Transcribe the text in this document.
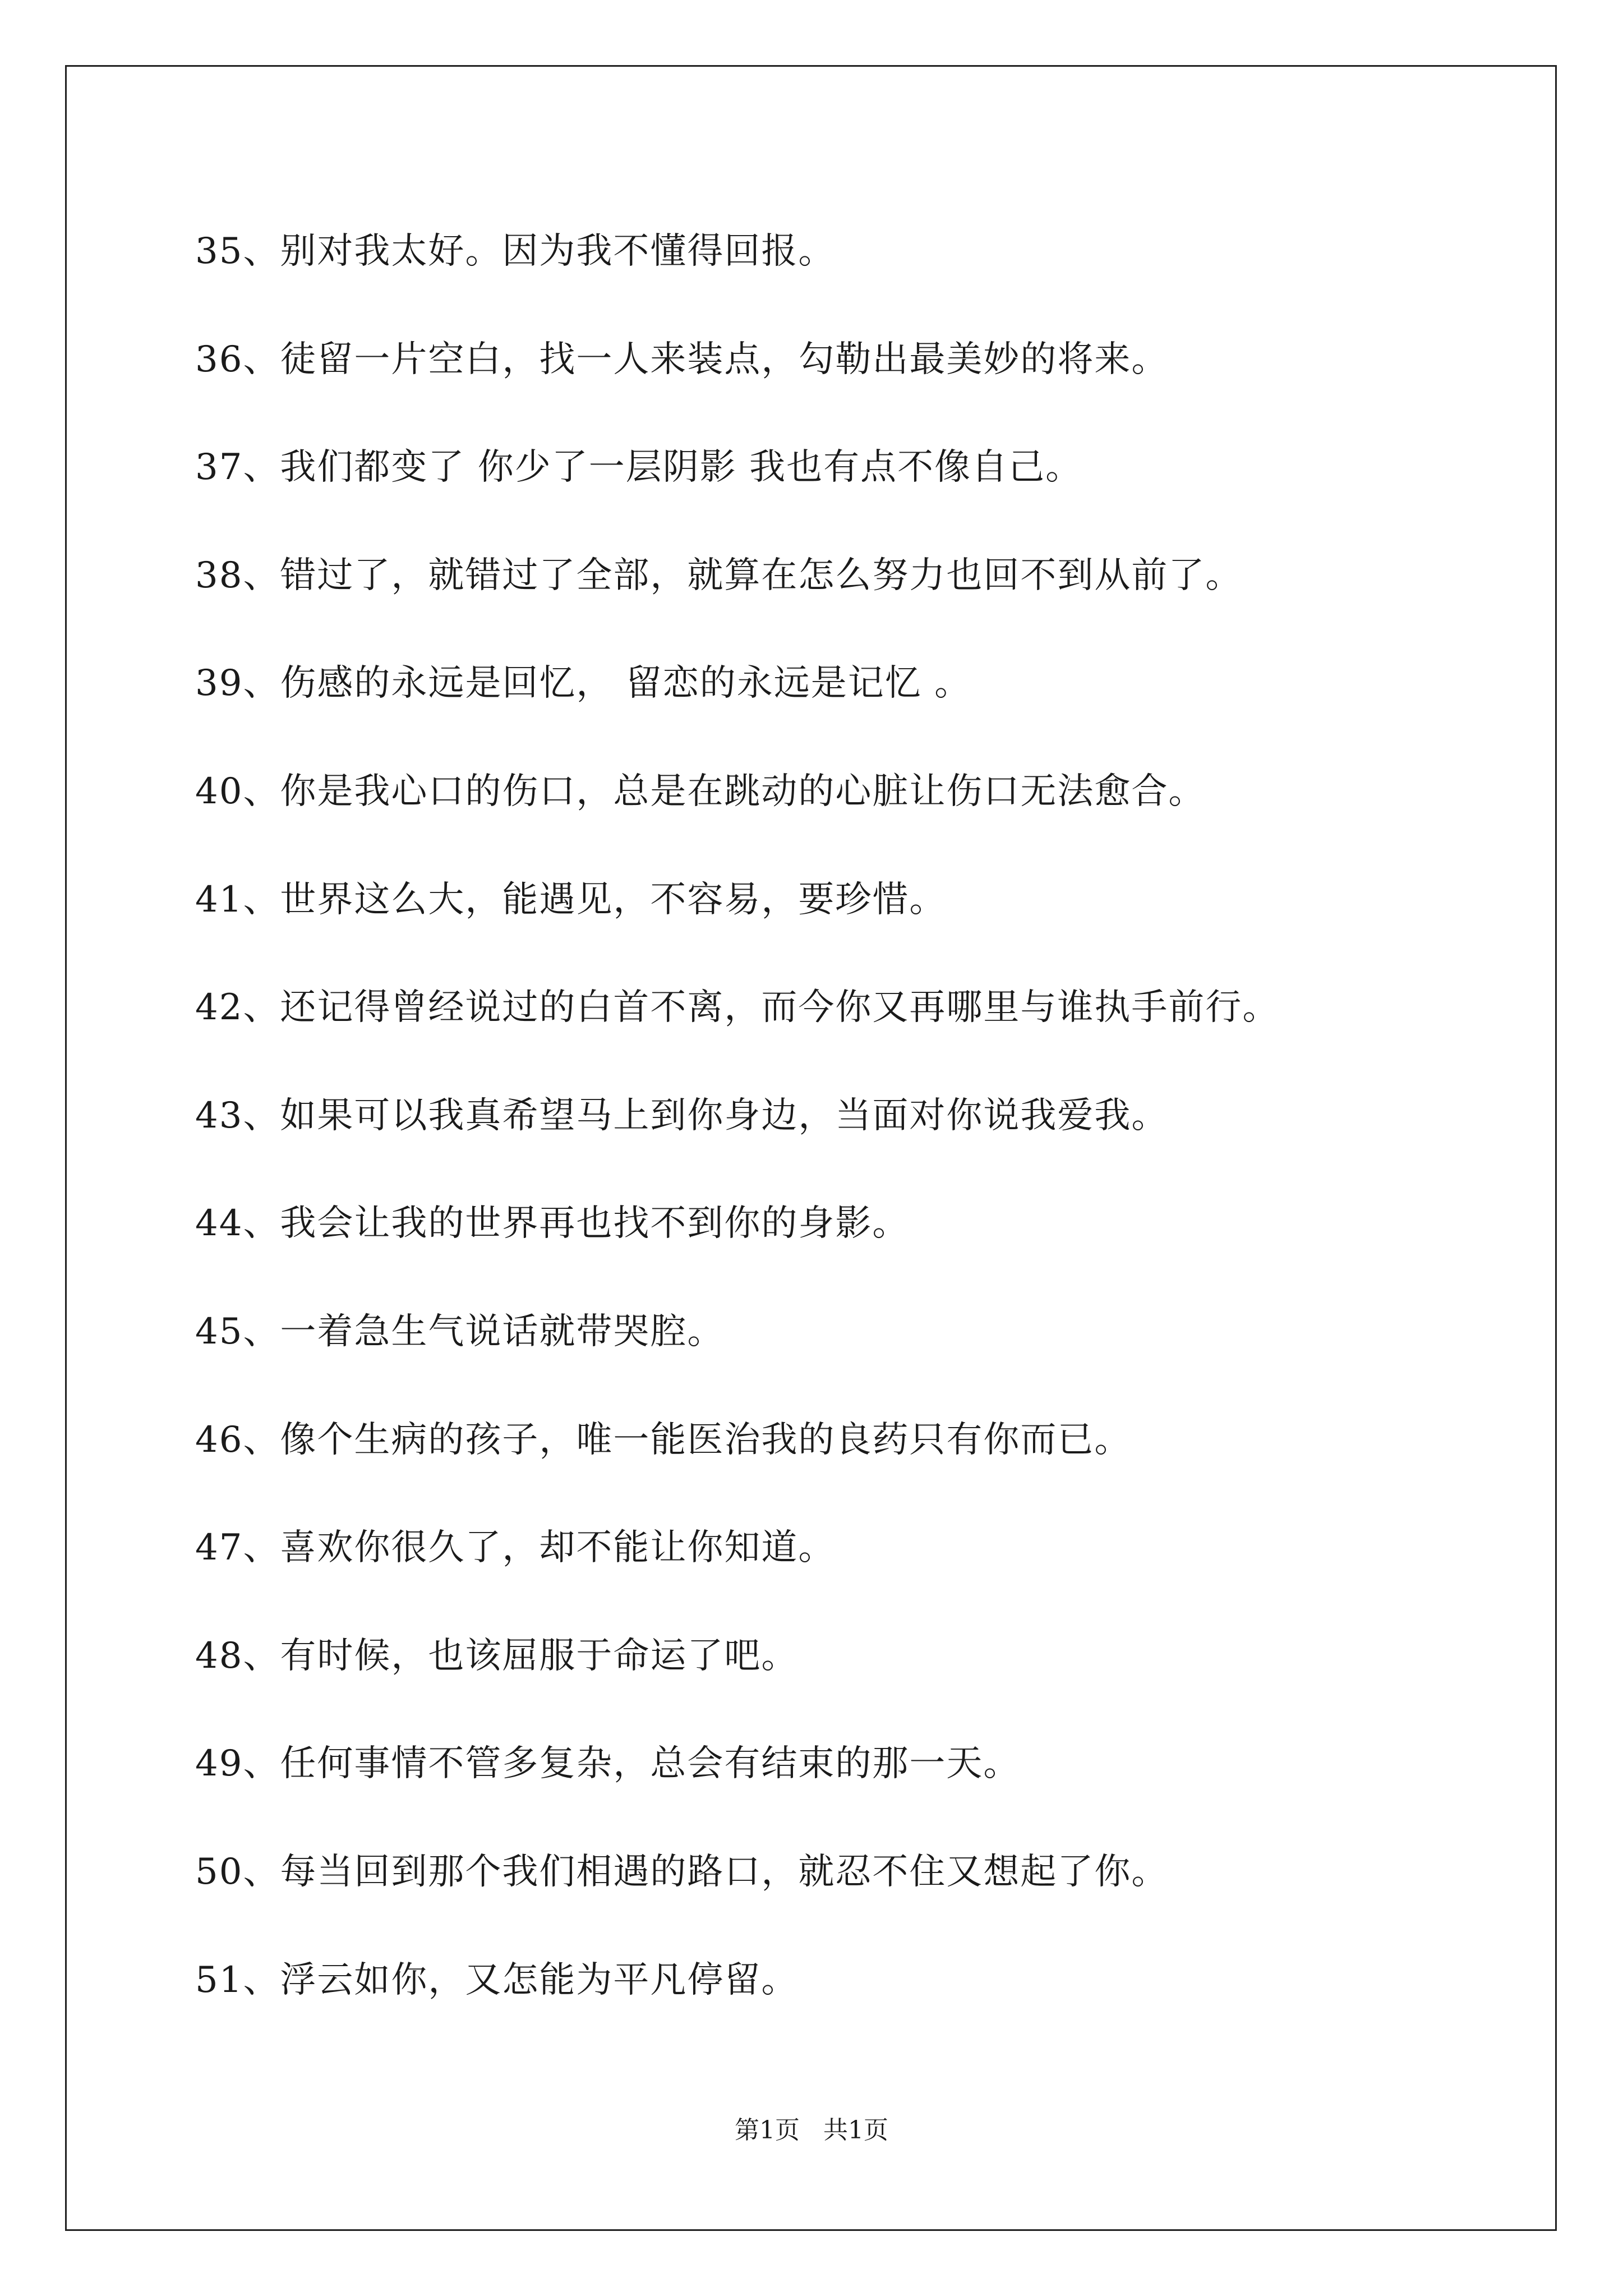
35、别对我太好。因为我不懂得回报。
36、徒留一片空白，找一人来装点，勾勒出最美妙的将来。
37、我们都变了 你少了一层阴影 我也有点不像自己。
38、错过了，就错过了全部，就算在怎么努力也回不到从前了。
39、伤感的永远是回忆， 留恋的永远是记忆 。
40、你是我心口的伤口，总是在跳动的心脏让伤口无法愈合。
41、世界这么大，能遇见，不容易，要珍惜。
42、还记得曾经说过的白首不离，而今你又再哪里与谁执手前行。
43、如果可以我真希望马上到你身边，当面对你说我爱我。
44、我会让我的世界再也找不到你的身影。
45、一着急生气说话就带哭腔。
46、像个生病的孩子，唯一能医治我的良药只有你而已。
47、喜欢你很久了，却不能让你知道。
48、有时候，也该屈服于命运了吧。
49、任何事情不管多复杂，总会有结束的那一天。
50、每当回到那个我们相遇的路口，就忍不住又想起了你。
51、浮云如你，又怎能为平凡停留。
第1页   共1页
